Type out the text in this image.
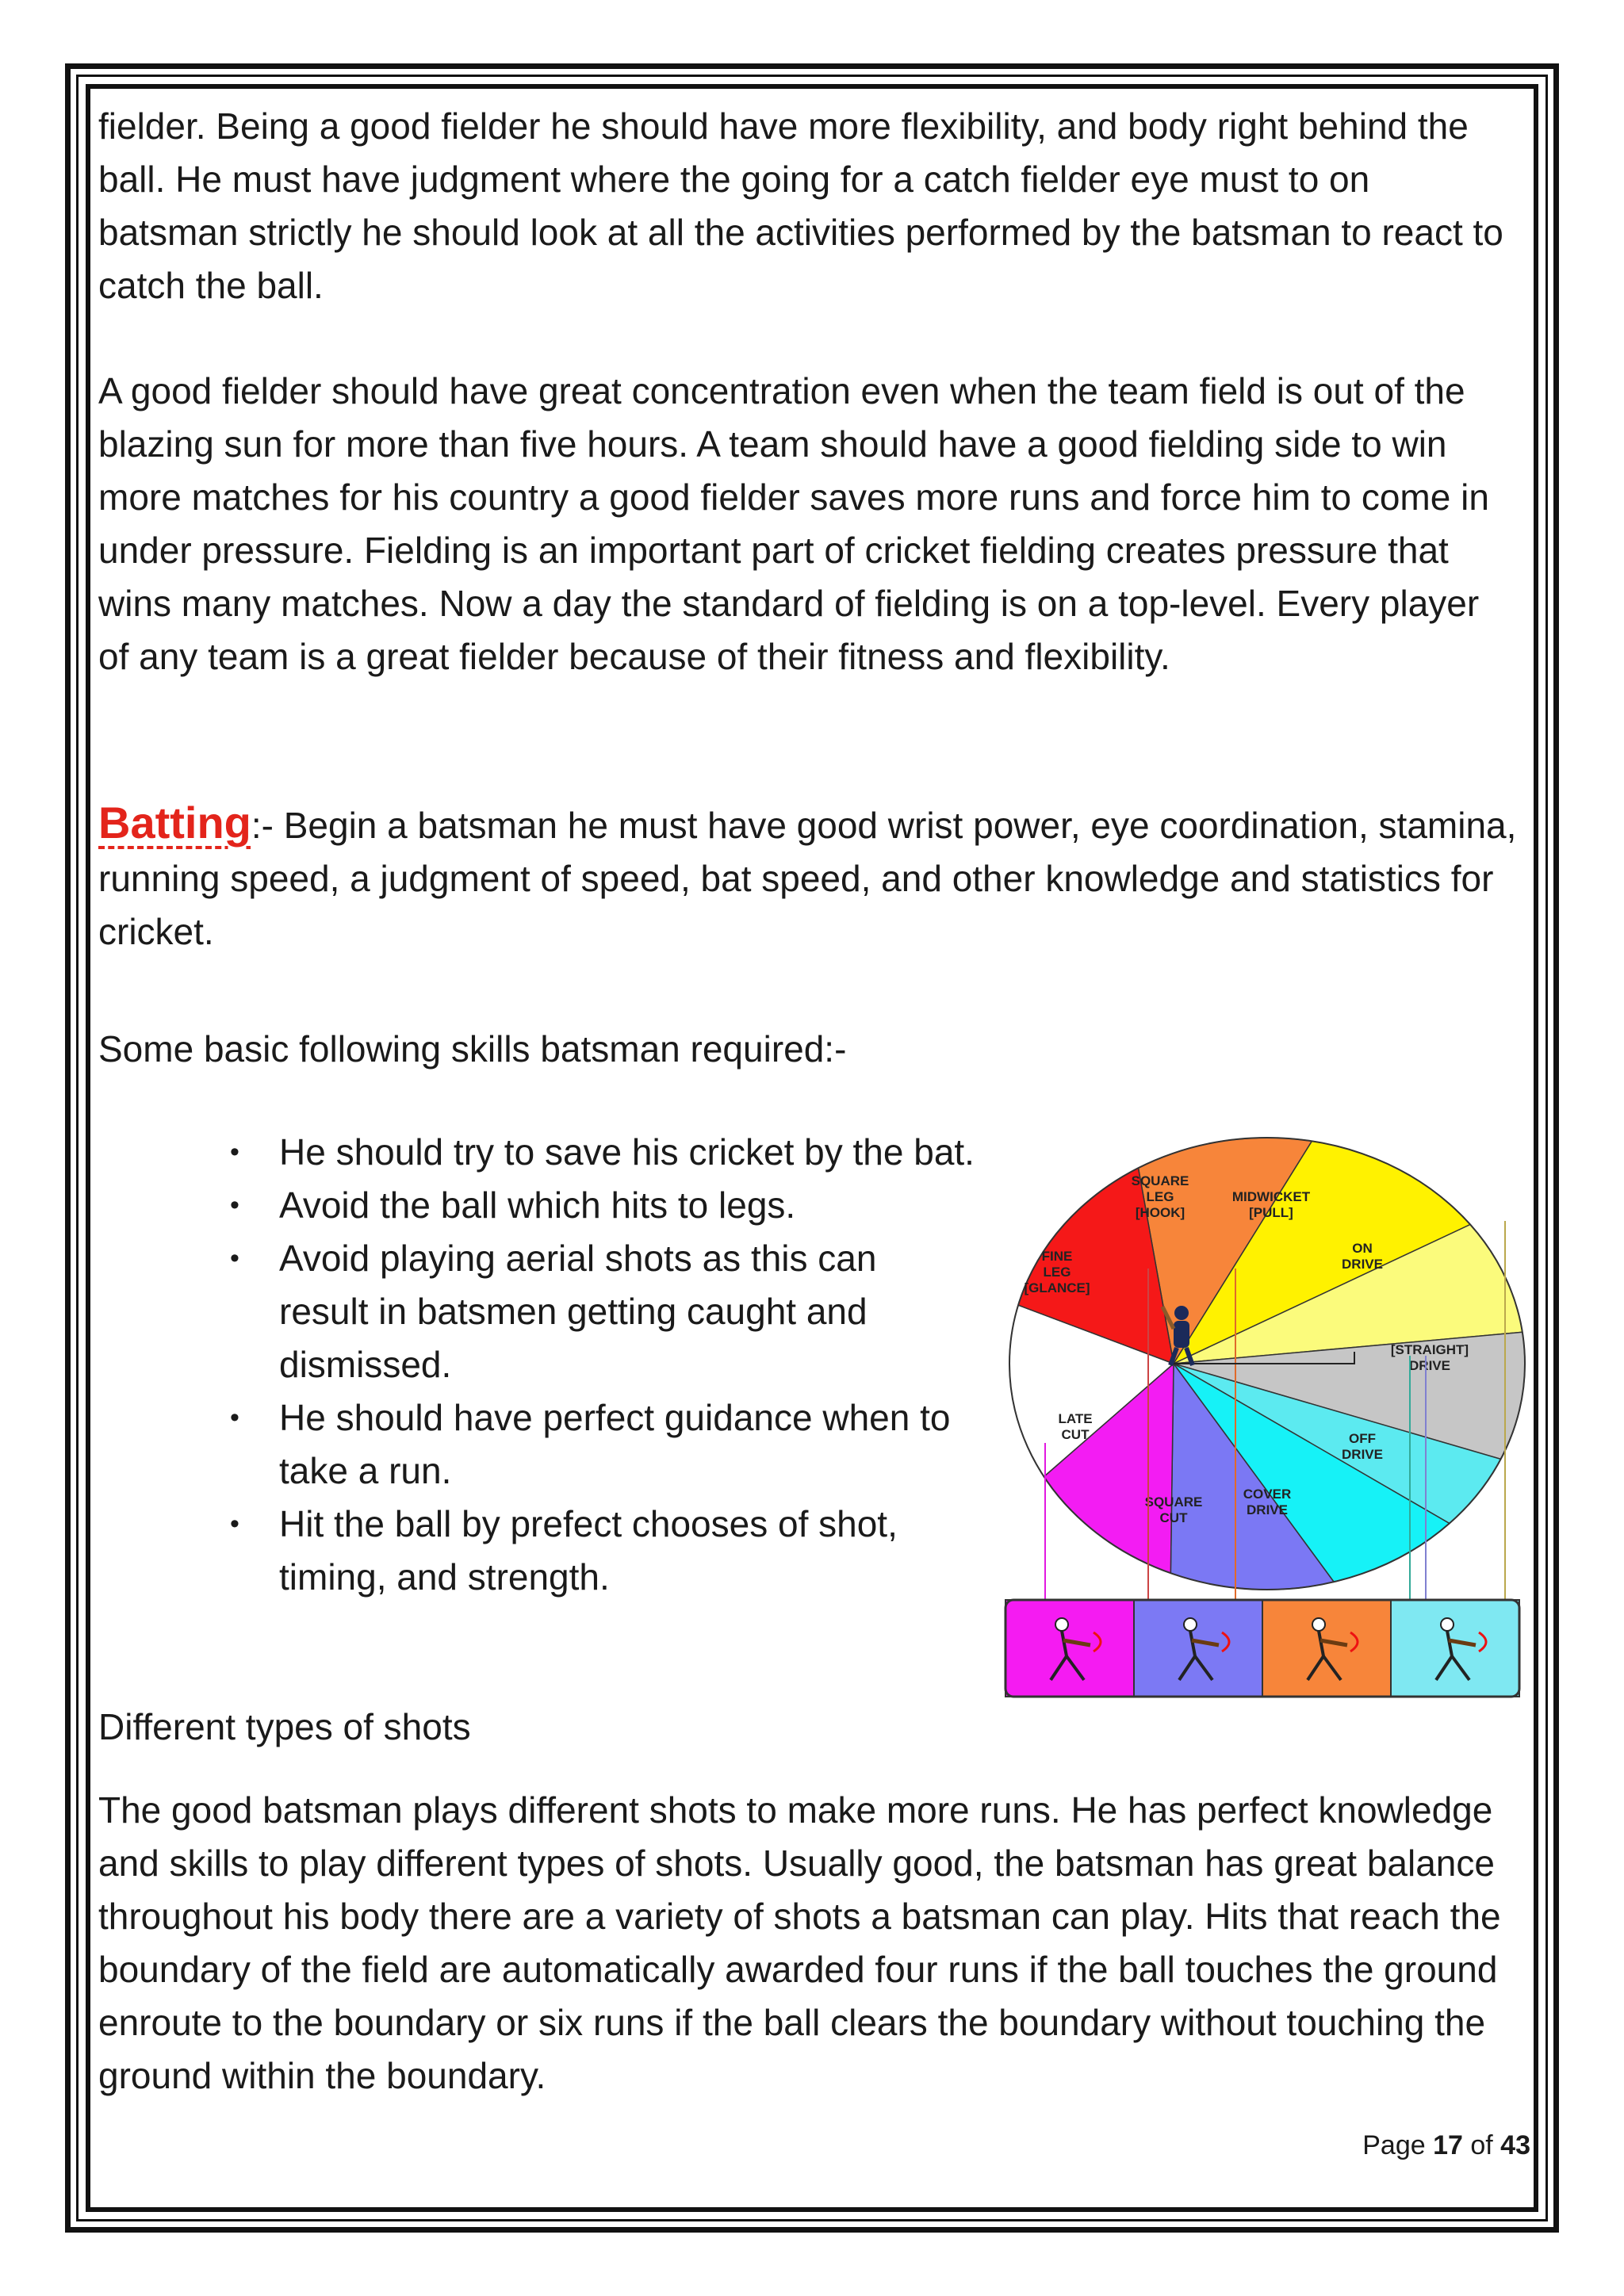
fielder. Being a good fielder he should have more flexibility, and body right behind the ball. He must have judgment where the going for a catch fielder eye must to on batsman strictly he should look at all the activities performed by the batsman to react to catch the ball.

A good fielder should have great concentration even when the team field is out of the blazing sun for more than five hours. A team should have a good fielding side to win more matches for his country a good fielder saves more runs and force him to come in under pressure. Fielding is an important part of cricket fielding creates pressure that wins many matches. Now a day the standard of fielding is on a top-level. Every player of any team is a great fielder because of their fitness and flexibility.

Batting:- Begin a batsman he must have good wrist power, eye coordination, stamina, running speed, a judgment of speed, bat speed, and other knowledge and statistics for cricket.

Some basic following skills batsman required:-

• He should try to save his cricket by the bat.
• Avoid the ball which hits to legs.
• Avoid playing aerial shots as this can result in batsmen getting caught and dismissed.
• He should have perfect guidance when to take a run.
• Hit the ball by prefect chooses of shot, timing, and strength.
SQUARE
LEG
[HOOK]
MIDWICKET
[PULL]
ON
DRIVE
[STRAIGHT]
DRIVE
OFF
DRIVE
COVER
DRIVE
SQUARE
CUT
LATE
CUT
FINE
LEG
[GLANCE]

Different types of shots

The good batsman plays different shots to make more runs. He has perfect knowledge and skills to play different types of shots. Usually good, the batsman has great balance throughout his body there are a variety of shots a batsman can play. Hits that reach the boundary of the field are automatically awarded four runs if the ball touches the ground enroute to the boundary or six runs if the ball clears the boundary without touching the ground within the boundary.

Page 17 of 43
